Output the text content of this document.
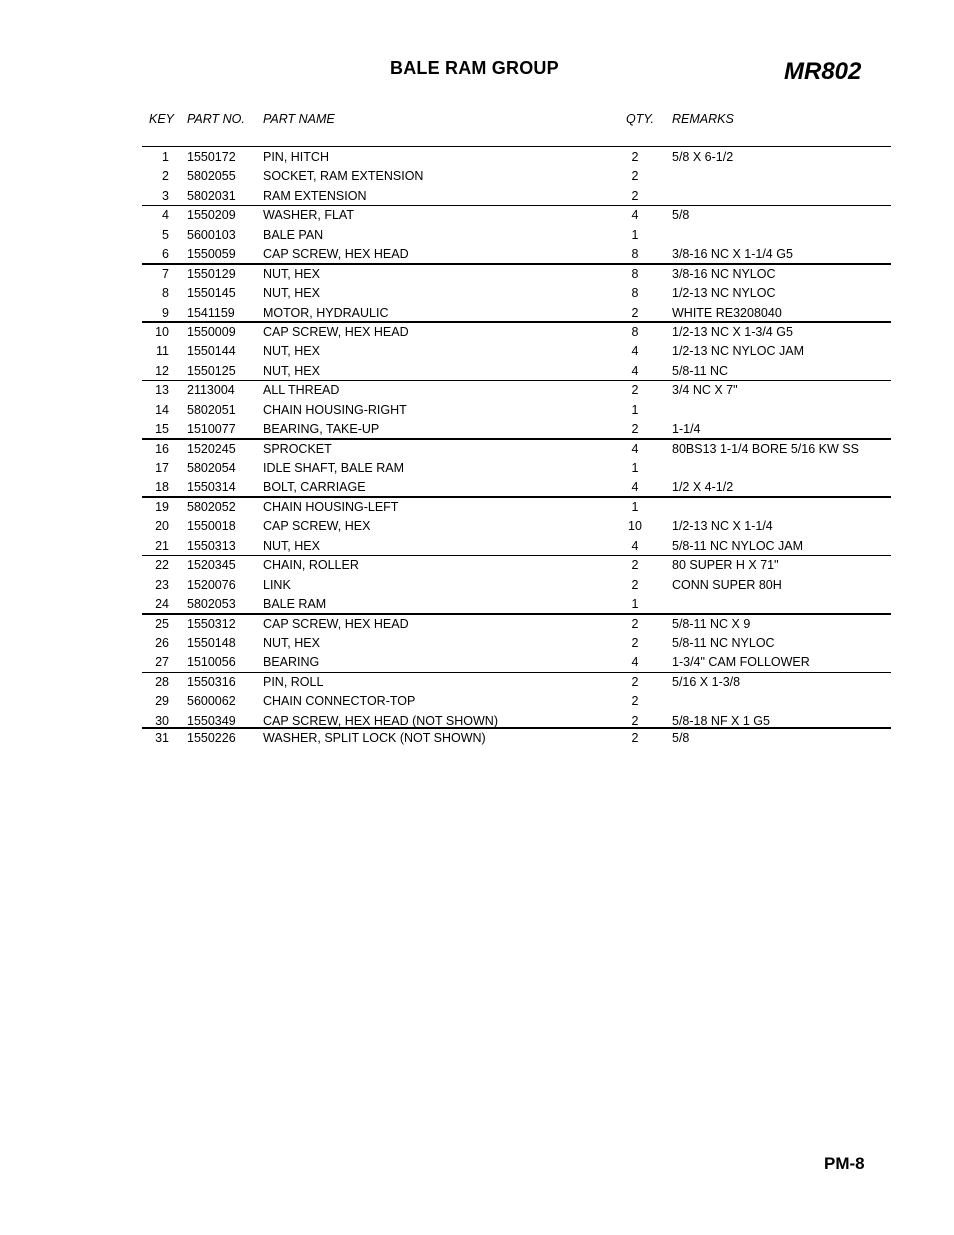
BALE RAM GROUP	MR802
KEY PART NO. PART NAME	QTY. REMARKS
1 1550172 PIN, HITCH	2	5/8 X 6-1/2
2 5802055 SOCKET, RAM EXTENSION	2
3 5802031 RAM EXTENSION	2
4 1550209 WASHER, FLAT	4	5/8
5 5600103 BALE PAN	1
6 1550059 CAP SCREW, HEX HEAD	8	3/8-16 NC X 1-1/4 G5
7 1550129 NUT, HEX	8	3/8-16 NC NYLOC
8 1550145 NUT, HEX	8	1/2-13 NC NYLOC
9 1541159 MOTOR, HYDRAULIC	2	WHITE RE3208040
10 1550009 CAP SCREW, HEX HEAD	8	1/2-13 NC X 1-3/4 G5
11 1550144 NUT, HEX	4	1/2-13 NC NYLOC JAM
12 1550125 NUT, HEX	4	5/8-11 NC
13 2113004 ALL THREAD	2	3/4 NC X 7"
14 5802051 CHAIN HOUSING-RIGHT	1
15 1510077 BEARING, TAKE-UP	2	1-1/4
16 1520245 SPROCKET	4	80BS13 1-1/4 BORE 5/16 KW SS
17 5802054 IDLE SHAFT, BALE RAM	1
18 1550314 BOLT, CARRIAGE	4	1/2 X 4-1/2
19 5802052 CHAIN HOUSING-LEFT	1
20 1550018 CAP SCREW, HEX	10	1/2-13 NC X 1-1/4
21 1550313 NUT, HEX	4	5/8-11 NC NYLOC JAM
22 1520345 CHAIN, ROLLER	2	80 SUPER H X 71"
23 1520076 LINK	2	CONN SUPER 80H
24 5802053 BALE RAM	1
25 1550312 CAP SCREW, HEX HEAD	2	5/8-11 NC X 9
26 1550148 NUT, HEX	2	5/8-11 NC NYLOC
27 1510056 BEARING	4	1-3/4" CAM FOLLOWER
28 1550316 PIN, ROLL	2	5/16 X 1-3/8
29 5600062 CHAIN CONNECTOR-TOP	2
30 1550349 CAP SCREW, HEX HEAD (NOT SHOWN)	2	5/8-18 NF X 1 G5
31 1550226 WASHER, SPLIT LOCK (NOT SHOWN)	2	5/8
PM-8
